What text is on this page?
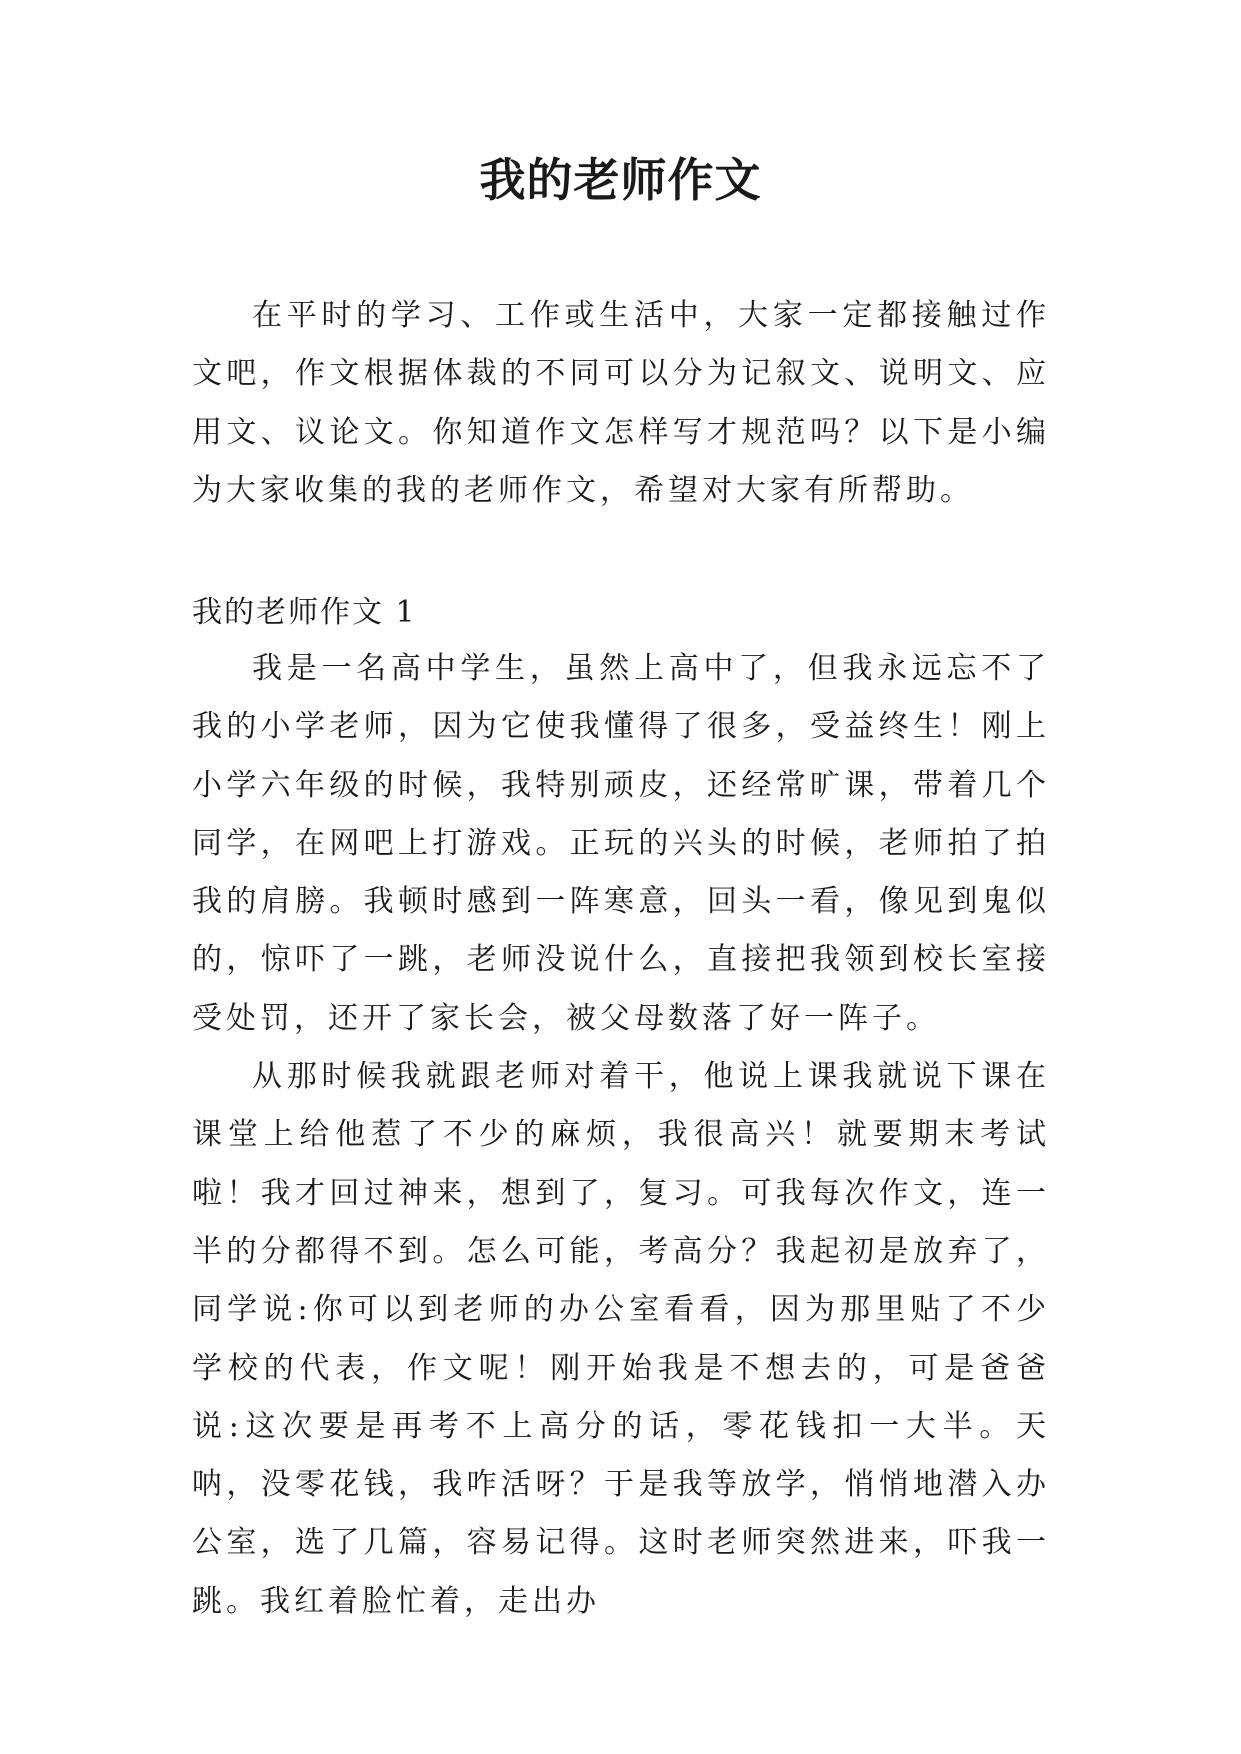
我的老师作文

在平时的学习、工作或生活中，大家一定都接触过作文吧，作文根据体裁的不同可以分为记叙文、说明文、应用文、议论文。你知道作文怎样写才规范吗？以下是小编为大家收集的我的老师作文，希望对大家有所帮助。

我的老师作文 1

我是一名高中学生，虽然上高中了，但我永远忘不了我的小学老师，因为它使我懂得了很多，受益终生！刚上小学六年级的时候，我特别顽皮，还经常旷课，带着几个同学，在网吧上打游戏。正玩的兴头的时候，老师拍了拍我的肩膀。我顿时感到一阵寒意，回头一看，像见到鬼似的，惊吓了一跳，老师没说什么，直接把我领到校长室接受处罚，还开了家长会，被父母数落了好一阵子。

从那时候我就跟老师对着干，他说上课我就说下课在课堂上给他惹了不少的麻烦，我很高兴！就要期末考试啦！我才回过神来，想到了，复习。可我每次作文，连一半的分都得不到。怎么可能，考高分？我起初是放弃了，同学说:你可以到老师的办公室看看，因为那里贴了不少学校的代表，作文呢！刚开始我是不想去的，可是爸爸说:这次要是再考不上高分的话，零花钱扣一大半。天呐，没零花钱，我咋活呀？于是我等放学，悄悄地潜入办公室，选了几篇，容易记得。这时老师突然进来，吓我一跳。我红着脸忙着，走出办
